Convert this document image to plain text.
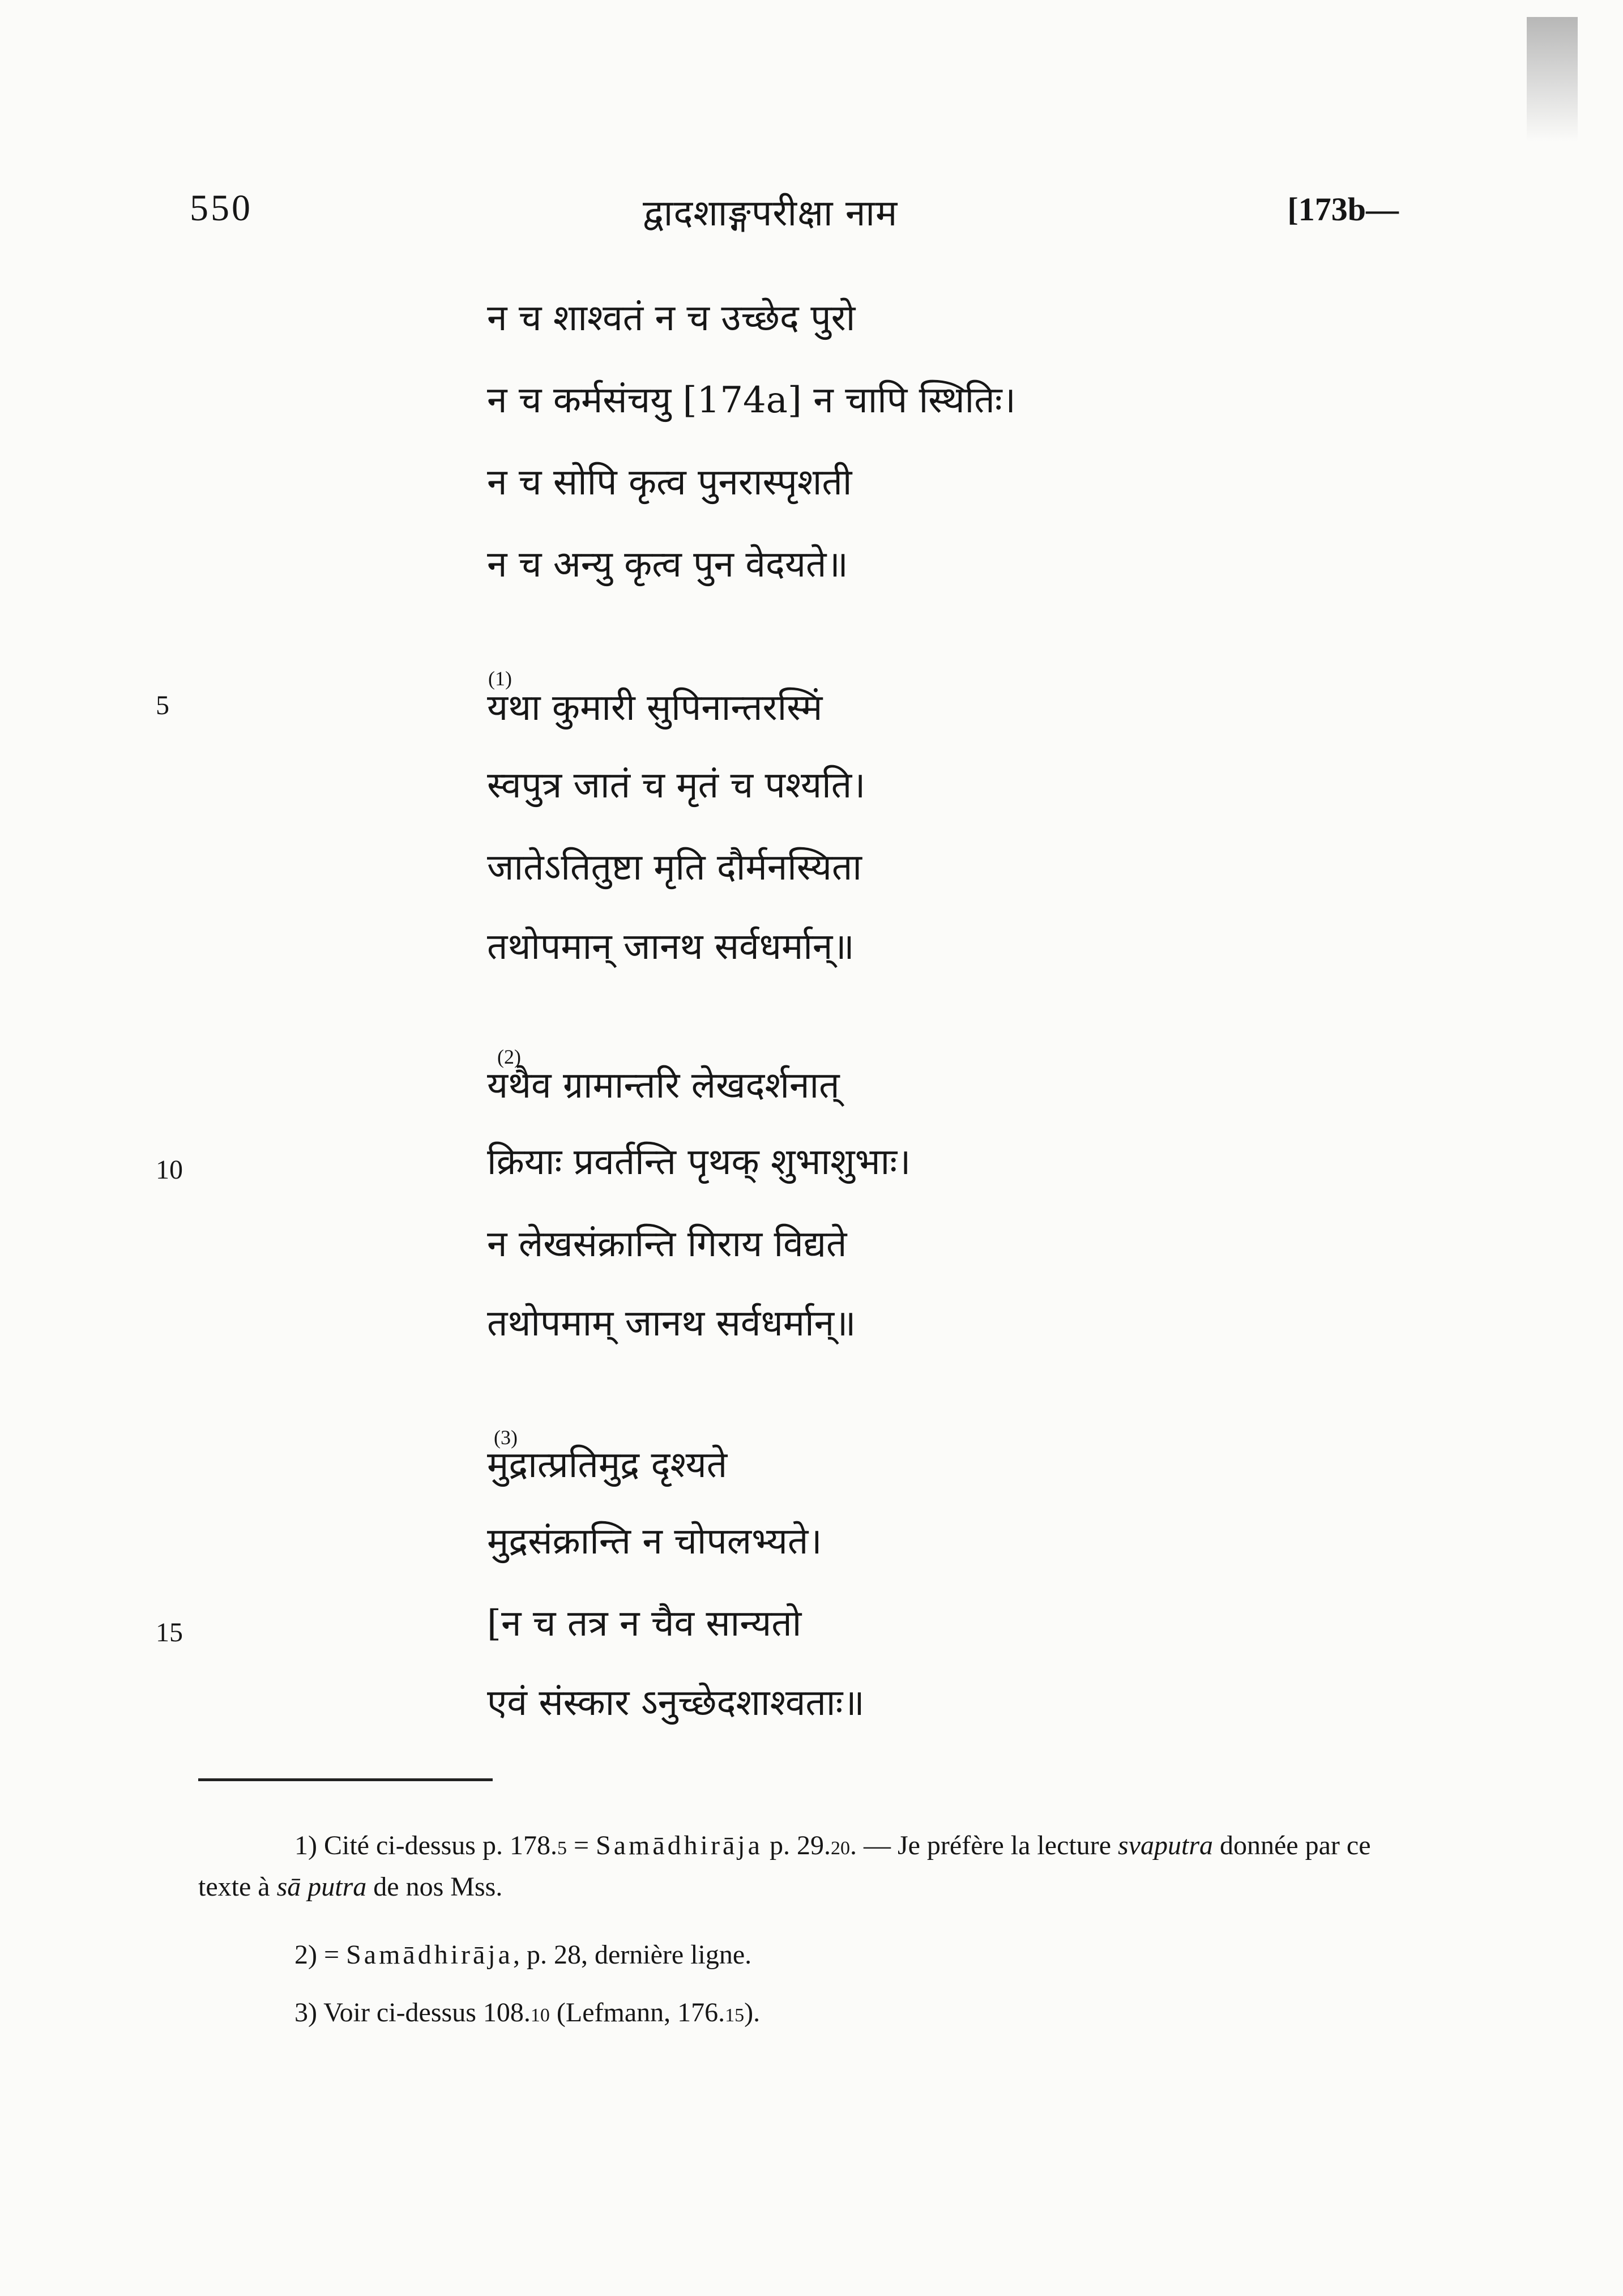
550	द्वादशाङ्गपरीक्षा नाम	[173b—
न च शाश्वतं न च उच्छेद पुरो
न च कर्मसंचयु [174a] न चापि स्थितिः।
न च सोपि कृत्व पुनरास्पृशती
न च अन्यु कृत्व पुन वेदयते॥
(1)
यथा कुमारी सुपिनान्तरस्मिं
स्वपुत्र जातं च मृतं च पश्यति।
जातेऽतितुष्टा मृति दौर्मनस्यिता
तथोपमान् जानथ सर्वधर्मान्॥
(2)
यथैव ग्रामान्तरि लेखदर्शनात्
क्रियाः प्रवर्तन्ति पृथक् शुभाशुभाः।
न लेखसंक्रान्ति गिराय विद्यते
तथोपमाम् जानथ सर्वधर्मान्॥
(3)
मुद्रात्प्रतिमुद्र दृश्यते
मुद्रसंक्रान्ति न चोपलभ्यते।
[न च तत्र न चैव सान्यतो
एवं संस्कार ऽनुच्छेदशाश्वताः॥
5
10
15
1) Cité ci-dessus p. 178.5 = Samādhirāja p. 29.20. — Je préfère la lecture svaputra donnée par ce texte à sā putra de nos Mss.
2) = Samādhirāja, p. 28, dernière ligne.
3) Voir ci-dessus 108.10 (Lefmann, 176.15).
